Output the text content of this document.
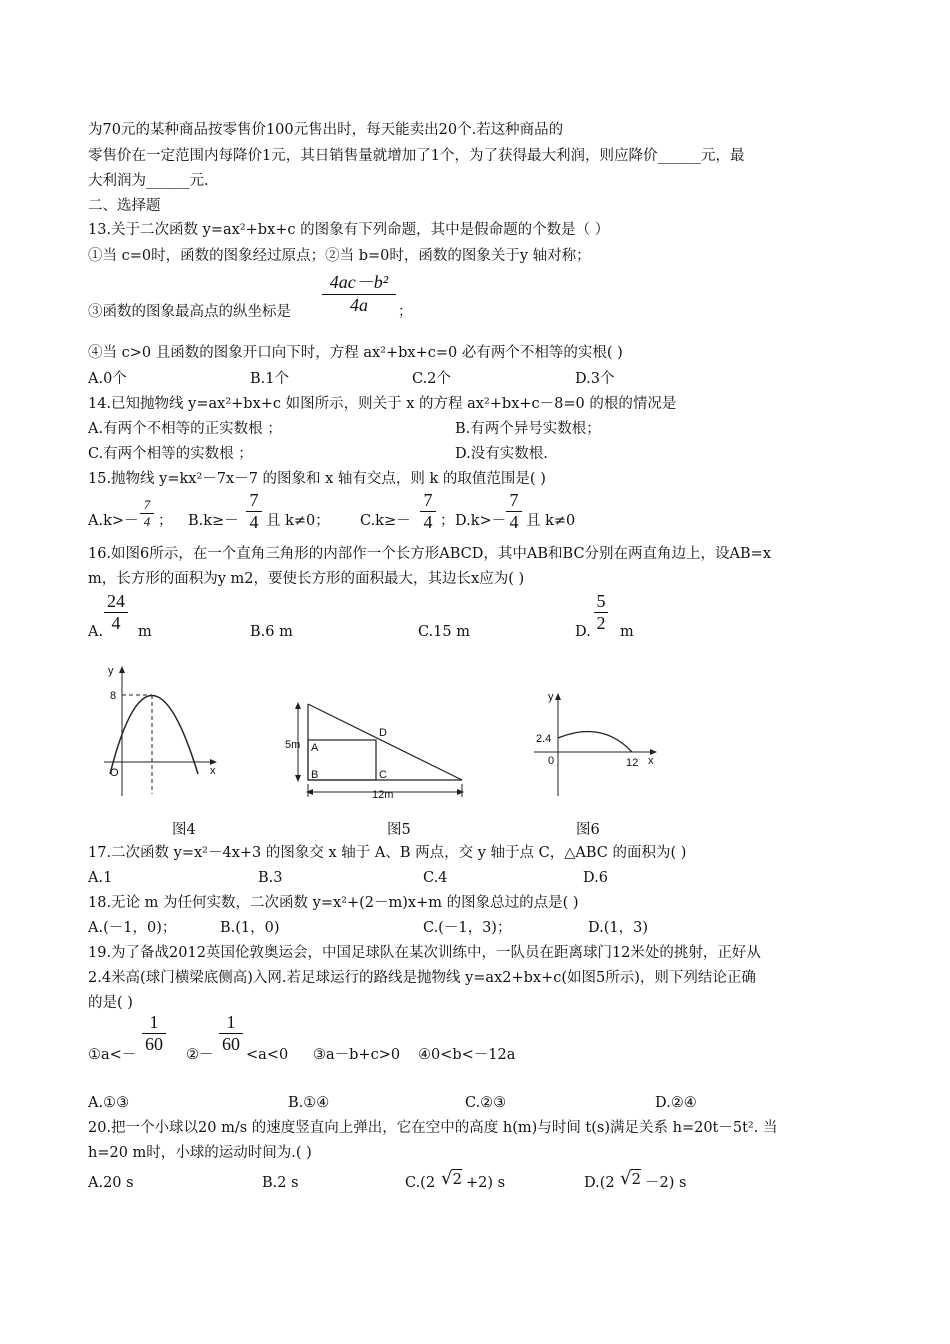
为70元的某种商品按零售价100元售出时，每天能卖出20个.若这种商品的
零售价在一定范围内每降价1元，其日销售量就增加了1个，为了获得最大利润，则应降价______元，最
大利润为______元.
二、选择题
13.关于二次函数 y=ax²+bx+c 的图象有下列命题，其中是假命题的个数是（ ）
①当 c=0时，函数的图象经过原点；②当 b=0时，函数的图象关于y 轴对称；
4ac－b²
4a
③函数的图象最高点的纵坐标是	；
④当 c>0 且函数的图象开口向下时，方程 ax²+bx+c=0 必有两个不相等的实根( )
A.0个	B.1个	C.2个	D.3个
14.已知抛物线 y=ax²+bx+c 如图所示，则关于 x 的方程 ax²+bx+c－8=0 的根的情况是
A.有两个不相等的正实数根 ；	B.有两个异号实数根；
C.有两个相等的实数根 ；	D.没有实数根.
15.抛物线 y=kx²－7x－7 的图象和 x 轴有交点，则 k 的取值范围是( )
A.k>－
7
4 ； B.k≥－
7
4 且 k≠0； C.k≥－
7
4 ； D.k>－
7
4 且 k≠0
16.如图6所示，在一个直角三角形的内部作一个长方形ABCD，其中AB和BC分别在两直角边上，设AB=x
m，长方形的面积为y m2，要使长方形的面积最大，其边长x应为( )
A.
24
4	m	B.6 m	C.15 m	D.
5
2 m
y
x
O
8
5m A
B	C
D
12m
y
x
0
2.4
12
图4	图5	图6
17.二次函数 y=x²－4x+3 的图象交 x 轴于 A、B 两点，交 y 轴于点 C，△ABC 的面积为( )
A.1	B.3	C.4	D.6
18.无论 m 为任何实数，二次函数 y=x²+(2－m)x+m 的图象总过的点是( )
A.(－1，0)；	B.(1，0)	C.(－1，3)；	D.(1，3)
19.为了备战2012英国伦敦奥运会，中国足球队在某次训练中，一队员在距离球门12米处的挑射，正好从
2.4米高(球门横梁底侧高)入网.若足球运行的路线是抛物线 y=ax2+bx+c(如图5所示)，则下列结论正确
的是( )
①a<－
1
60
②－
1
60
<a<0 ③a－b+c>0 ④0<b<－12a
A.①③	B.①④	C.②③	D.②④
20.把一个小球以20 m/s 的速度竖直向上弹出，它在空中的高度 h(m)与时间 t(s)满足关系 h=20t－5t². 当
h=20 m时，小球的运动时间为.( )
A.20 s	B.2 s	C.(2 √2 +2) s	D.(2 √2 －2) s
